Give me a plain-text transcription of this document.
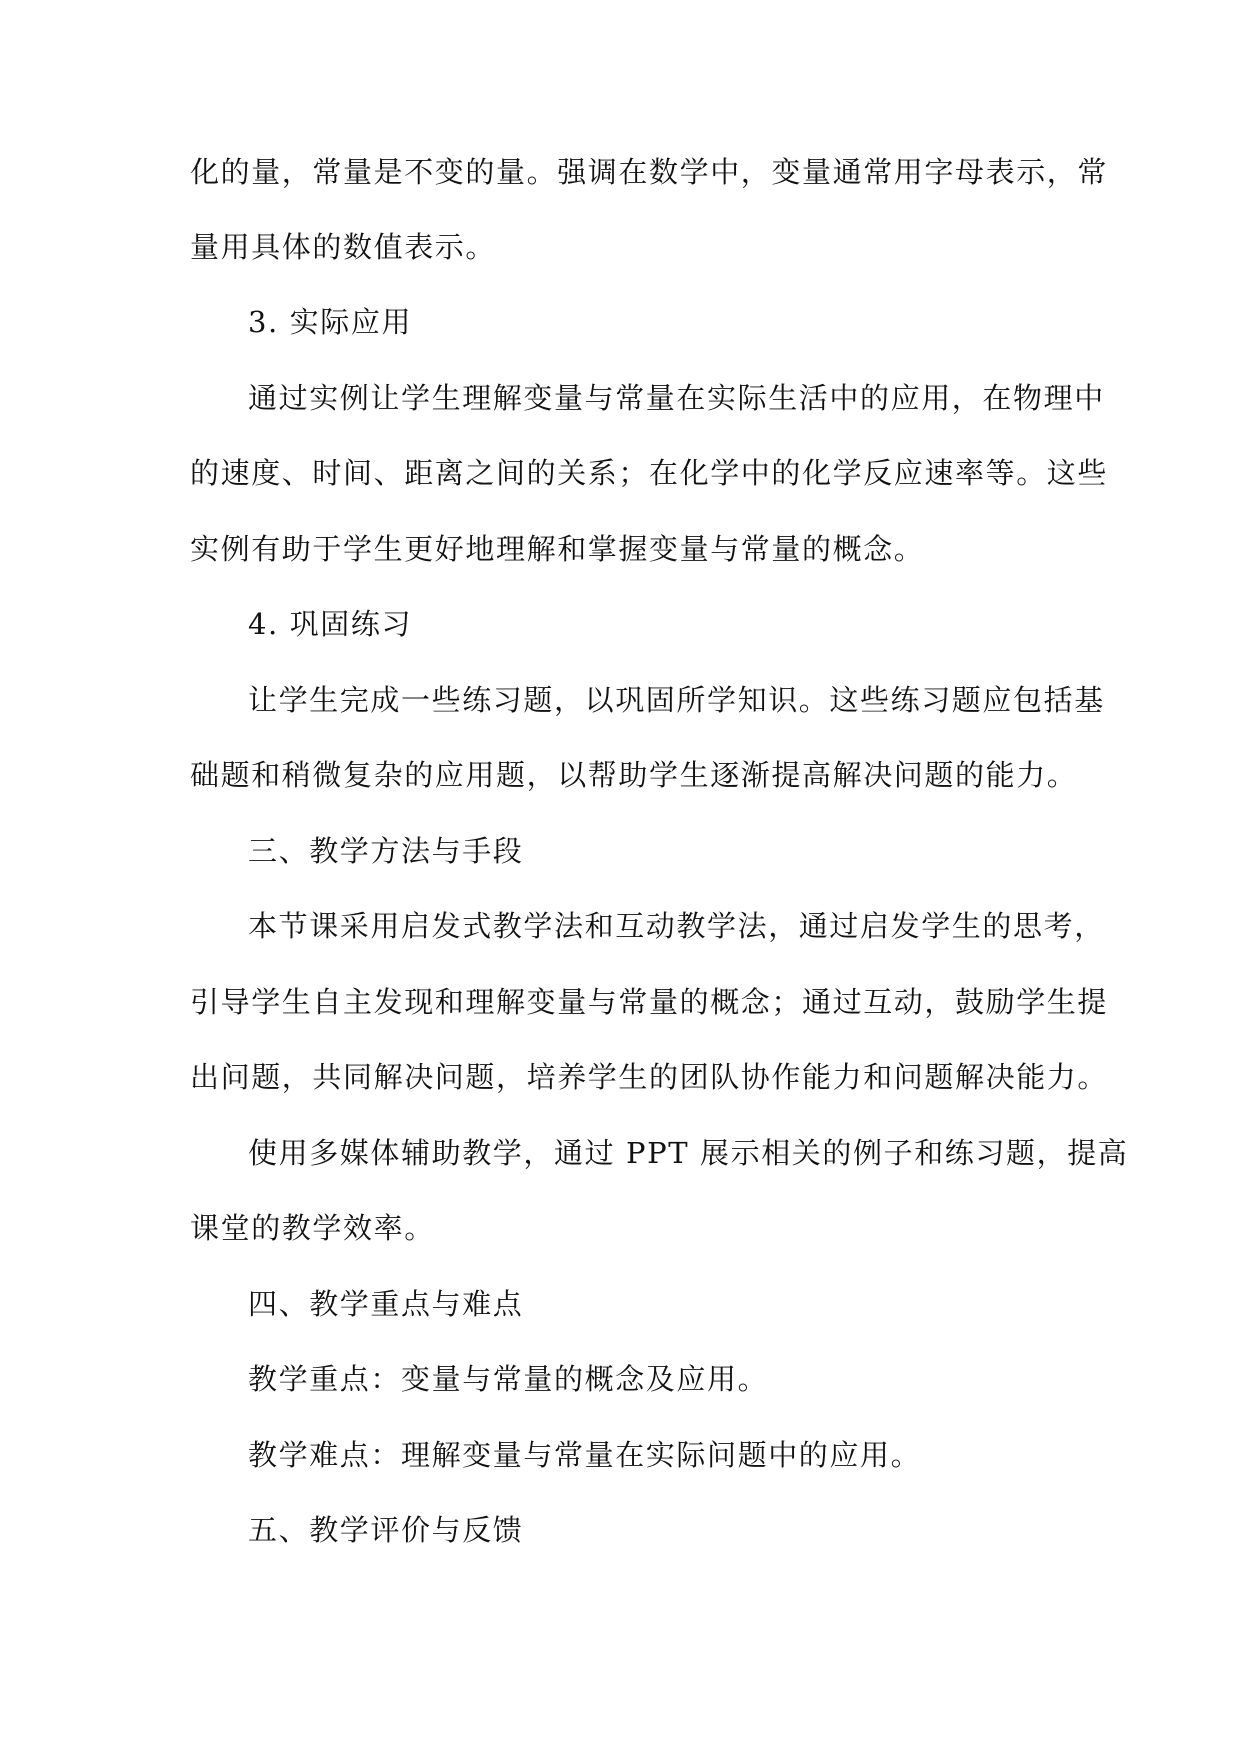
化的量，常量是不变的量。强调在数学中，变量通常用字母表示，常
量用具体的数值表示。
3. 实际应用
通过实例让学生理解变量与常量在实际生活中的应用，在物理中
的速度、时间、距离之间的关系；在化学中的化学反应速率等。这些
实例有助于学生更好地理解和掌握变量与常量的概念。
4. 巩固练习
让学生完成一些练习题，以巩固所学知识。这些练习题应包括基
础题和稍微复杂的应用题，以帮助学生逐渐提高解决问题的能力。
三、教学方法与手段
本节课采用启发式教学法和互动教学法，通过启发学生的思考，
引导学生自主发现和理解变量与常量的概念；通过互动，鼓励学生提
出问题，共同解决问题，培养学生的团队协作能力和问题解决能力。
使用多媒体辅助教学，通过 PPT 展示相关的例子和练习题，提高
课堂的教学效率。
四、教学重点与难点
教学重点：变量与常量的概念及应用。
教学难点：理解变量与常量在实际问题中的应用。
五、教学评价与反馈
